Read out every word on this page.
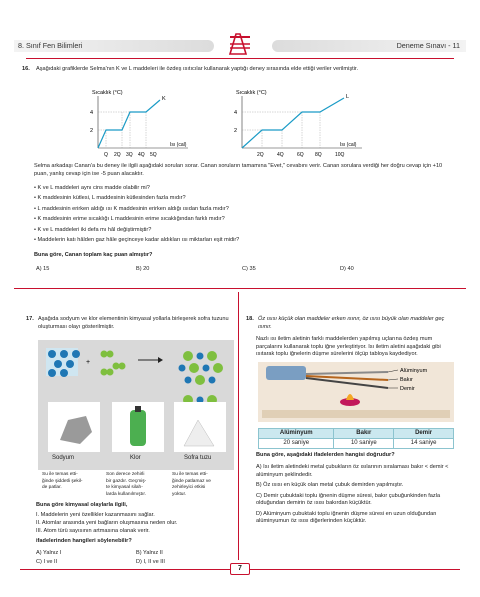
8. Sınıf Fen Bilimleri	Deneme Sınavı - 11
16. Aşağıdaki grafiklerde Selma'nın K ve L maddeleri ile özdeş ısıtıcılar kullanarak yaptığı deney sırasında elde ettiği veriler verilmiştir.
Sıcaklık (°C)
K
4
2
Q 2Q 3Q 4Q 5Q
Isı (cal)
Sıcaklık (°C)
L
4
2
2Q	4Q	6Q 8Q	10Q
Isı (cal)
Selma arkadaşı Canan'a bu deney ile ilgili aşağıdaki soruları sorar. Canan soruların tamamına "Evet," cevabını verir. Canan sorulara verdiği her doğru cevap için +10 puan, yanlış cevap için ise -5 puan alacaktır.
• K ve L maddeleri aynı cins madde olabilir mi?
• K maddesinin kütlesi, L maddesinin kütlesinden fazla mıdır?
• L maddesinin erirken aldığı ısı K maddesinin erirken aldığı ısıdan fazla mıdır?
• K maddesinin erime sıcaklığı L maddesinin erime sıcaklığından farklı mıdır?
• K ve L maddeleri iki defa mı hâl değiştirmiştir?
• Maddelerin katı hâlden gaz hâle geçinceye kadar aldıkları ısı miktarları eşit midir?
Buna göre, Canan toplam kaç puan almıştır?
A) 15	B) 20	C) 35	D) 40
17. Aşağıda sodyum ve klor elementinin kimyasal yollarla birleşerek sofra tuzunu oluşturması olayı gösterilmiştir.
+
Sodyum	Klor	Sofra tuzu
Su ile temas etti-
ğinde şiddetli şekil-
de patlar.
Son derece zehirli
bir gazdır. Geçmiş-
te kimyasal silah-
larda kullanılmıştır.
Su ile temas etti-
ğinde patlamaz ve
zehirleyici etkisi
yoktur.
Buna göre kimyasal olaylarla ilgili,
I. Maddelerin yeni özellikler kazanmasını sağlar.
II. Atomlar arasında yeni bağların oluşmasına neden olur.
III. Atom türü sayısının artmasına olanak verir.
ifadelerinden hangileri söylenebilir?
A) Yalnız I	B) Yalnız II
C) I ve II	D) I, II ve III
18. Öz ısısı küçük olan maddeler erken ısınır, öz ısısı büyük olan maddeler geç ısınır.
Nazlı ısı iletim aletinin farklı maddelerden yapılmış uçlarına özdeş mum parçalarını kullanarak toplu iğne yerleştiriyor. Isı iletim aletini aşağıdaki gibi ısıtarak toplu iğnelerin düşme sürelerini ölçüp tabloya kaydediyor.
Alüminyum
Bakır
Demir
Alüminyum	Bakır	Demir
20 saniye	10 saniye	14 saniye
Buna göre, aşağıdaki ifadelerden hangisi doğrudur?
A) Isı iletim aletindeki metal çubukların öz ısılarının sıralaması bakır < demir < alüminyum şeklindedir.
B) Öz ısısı en küçük olan metal çubuk demirden yapılmıştır.
C) Demir çubuktaki toplu iğnenin düşme süresi, bakır çubuğunkinden fazla olduğundan demirin öz ısısı bakırdan küçüktür.
D) Alüminyum çubuktaki toplu iğnenin düşme süresi en uzun olduğundan alüminyumun öz ısısı diğerlerinden küçüktür.
7
